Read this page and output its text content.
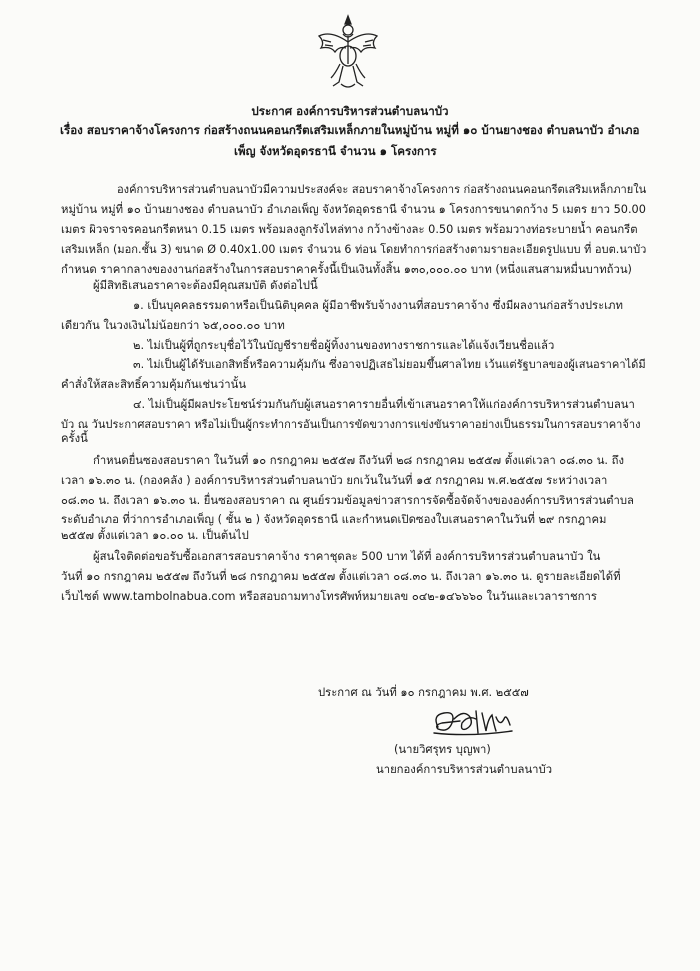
ประกาศ องค์การบริหารส่วนตำบลนาบัว
เรื่อง สอบราคาจ้างโครงการ ก่อสร้างถนนคอนกรีตเสริมเหล็กภายในหมู่บ้าน หมู่ที่ ๑๐ บ้านยางชอง ตำบลนาบัว อำเภอ
เพ็ญ จังหวัดอุดรธานี จำนวน ๑ โครงการ
องค์การบริหารส่วนตำบลนาบัวมีความประสงค์จะ สอบราคาจ้างโครงการ ก่อสร้างถนนคอนกรีตเสริมเหล็กภายใน
หมู่บ้าน หมู่ที่ ๑๐ บ้านยางชอง ตำบลนาบัว อำเภอเพ็ญ จังหวัดอุดรธานี จำนวน ๑ โครงการขนาดกว้าง 5 เมตร ยาว 50.00
เมตร ผิวจราจรคอนกรีตหนา 0.15 เมตร พร้อมลงลูกรังไหล่ทาง กว้างข้างละ 0.50 เมตร พร้อมวางท่อระบายน้ำ คอนกรีต
เสริมเหล็ก (มอก.ชั้น 3) ขนาด Ø 0.40x1.00 เมตร จำนวน 6 ท่อน โดยทำการก่อสร้างตามรายละเอียดรูปแบบ ที่ อบต.นาบัว
กำหนด ราคากลางของงานก่อสร้างในการสอบราคาครั้งนี้เป็นเงินทั้งสิ้น ๑๓๐,๐๐๐.๐๐ บาท (หนึ่งแสนสามหมื่นบาทถ้วน)
ผู้มีสิทธิเสนอราคาจะต้องมีคุณสมบัติ ดังต่อไปนี้
๑. เป็นบุคคลธรรมดาหรือเป็นนิติบุคคล ผู้มีอาชีพรับจ้างงานที่สอบราคาจ้าง ซึ่งมีผลงานก่อสร้างประเภท
เดียวกัน ในวงเงินไม่น้อยกว่า ๖๕,๐๐๐.๐๐ บาท
๒. ไม่เป็นผู้ที่ถูกระบุชื่อไว้ในบัญชีรายชื่อผู้ทิ้งงานของทางราชการและได้แจ้งเวียนชื่อแล้ว
๓. ไม่เป็นผู้ได้รับเอกสิทธิ์หรือความคุ้มกัน ซึ่งอาจปฏิเสธไม่ยอมขึ้นศาลไทย เว้นแต่รัฐบาลของผู้เสนอราคาได้มี
คำสั่งให้สละสิทธิ์ความคุ้มกันเช่นว่านั้น
๔. ไม่เป็นผู้มีผลประโยชน์ร่วมกันกับผู้เสนอราคารายอื่นที่เข้าเสนอราคาให้แก่องค์การบริหารส่วนตำบลนา
บัว ณ วันประกาศสอบราคา หรือไม่เป็นผู้กระทำการอันเป็นการขัดขวางการแข่งขันราคาอย่างเป็นธรรมในการสอบราคาจ้าง
ครั้งนี้
กำหนดยื่นซองสอบราคา ในวันที่ ๑๐ กรกฎาคม ๒๕๕๗ ถึงวันที่ ๒๘ กรกฎาคม ๒๕๕๗ ตั้งแต่เวลา ๐๘.๓๐ น. ถึง
เวลา ๑๖.๓๐ น. (กองคลัง ) องค์การบริหารส่วนตำบลนาบัว ยกเว้นในวันที่ ๑๕ กรกฎาคม พ.ศ.๒๕๕๗ ระหว่างเวลา
๐๘.๓๐ น. ถึงเวลา ๑๖.๓๐ น. ยื่นซองสอบราคา ณ ศูนย์รวมข้อมูลข่าวสารการจัดซื้อจัดจ้างขององค์การบริหารส่วนตำบล
ระดับอำเภอ ที่ว่าการอำเภอเพ็ญ ( ชั้น ๒ ) จังหวัดอุดรธานี และกำหนดเปิดซองใบเสนอราคาในวันที่ ๒๙ กรกฎาคม
๒๕๕๗ ตั้งแต่เวลา ๑๐.๐๐ น. เป็นต้นไป
ผู้สนใจติดต่อขอรับซื้อเอกสารสอบราคาจ้าง ราคาชุดละ 500 บาท ได้ที่ องค์การบริหารส่วนตำบลนาบัว ใน
วันที่ ๑๐ กรกฎาคม ๒๕๕๗ ถึงวันที่ ๒๘ กรกฎาคม ๒๕๕๗ ตั้งแต่เวลา ๐๘.๓๐ น. ถึงเวลา ๑๖.๓๐ น. ดูรายละเอียดได้ที่
เว็บไซต์ www.tambolnabua.com หรือสอบถามทางโทรศัพท์หมายเลข ๐๔๒-๑๔๖๖๖๐ ในวันและเวลาราชการ
ประกาศ ณ วันที่ ๑๐ กรกฎาคม พ.ศ. ๒๕๕๗
(นายวิศรุทร บุญพา)
นายกองค์การบริหารส่วนตำบลนาบัว
